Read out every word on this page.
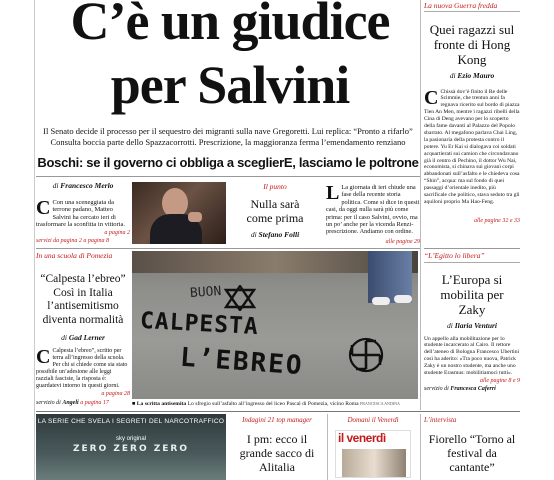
C’è un giudice
per Salvini
Il Senato decide il processo per il sequestro dei migranti sulla nave Gregoretti. Lui replica: “Pronto a rifarlo”
Consulta boccia parte dello Spazzacorrotti. Prescrizione, la maggioranza ferma l’emendamento renziano
Boschi: se il governo ci obbliga a sceglierE, lasciamo le poltrone
di Francesco Merlo
C Con una sceneggiata da terrone padano, Matteo Salvini ha cercato ieri di trasformare la sconfitta in vittoria.
a pagina 2
servizi da pagina 2 a pagina 8
Il punto
Nulla sarà come prima
di Stefano Folli
L La giornata di ieri chiude una fase della recente storia politica. Come si dice in questi casi, da oggi nulla sarà più come prima: per il caso Salvini, ovvio, ma un po’ anche per la vicenda Renzi-prescrizione. Andiamo con ordine.
alle pagine 29
La nuova Guerra fredda
Quei ragazzi sul fronte di Hong Kong
di Ezio Mauro
C Chissà dov’è finito il Re delle Scimmie, che trentun anni fa regnava ricerito sul bordo di piazza Tien An Men, mentre i ragazzi ribelli della Cina di Deng avevano per lo scoperto della fame davanti al Palazzo del Popolo sbarrato. Al megafono parlava Chai Ling, la pasionaria della protesta contro il potere. Yu Er Kai si dialogava coi soldati acquartierati sui camion che circondavano già il centro di Pechino, il dottor Wu Nai, economista, si chinava sui giovani corpi abbandonati sull’asfalto e le chiedeva cosa “Shin”, acqua: ma sul fondo di quei passaggi d’orientale inedito, più sacrificale che politico, stava seduto tra gli aquiloni proprio Ma Hao-Feng.
alle pagine 32 e 33
In una scuola di Pomezia
“Calpesta l’ebreo” Così in Italia l’antisemitismo diventa normalità
di Gad Lerner
C Calpesta l’ebreo”, scritto per terra all’ingresso della scuola. Per chi si chiede come sia stato possibile un’adesione alle leggi razziali fasciste, la risposta è: guardatevi intorno in questi giorni.
a pagina 28
servizio di Angeli a pagina 17
BUON
CALPESTA
L’EBREO
■ La scritta antisemita Lo sfregio sull’asfalto all’ingresso del liceo Pascal di Pomezia, vicino Roma FRANCESCA ANDINA
“L’Egitto lo libera”
L’Europa si mobilita per Zaky
di Ilaria Venturi
Un appello alla mobilitazione per lo studente incarcerato al Cairo. Il rettore dell’ateneo di Bologna Francesco Ubertini così ha aderito: «Tra poco nuova, Patrick Zaky è un nostro studente, ma anche uno studente Erasmus: mobilitiamoci tutti».
alle pagine 8 e 9
servizio di Francesca Caferri
LA SERIE CHE SVELA I SEGRETI DEL NARCOTRAFFICO
sky original
ZERO ZERO ZERO
Indagini 21 top manager
I pm: ecco il grande sacco di Alitalia
Domani il Venerdì
il venerdì
L’intervista
Fiorello “Torno al festival da cantante”
